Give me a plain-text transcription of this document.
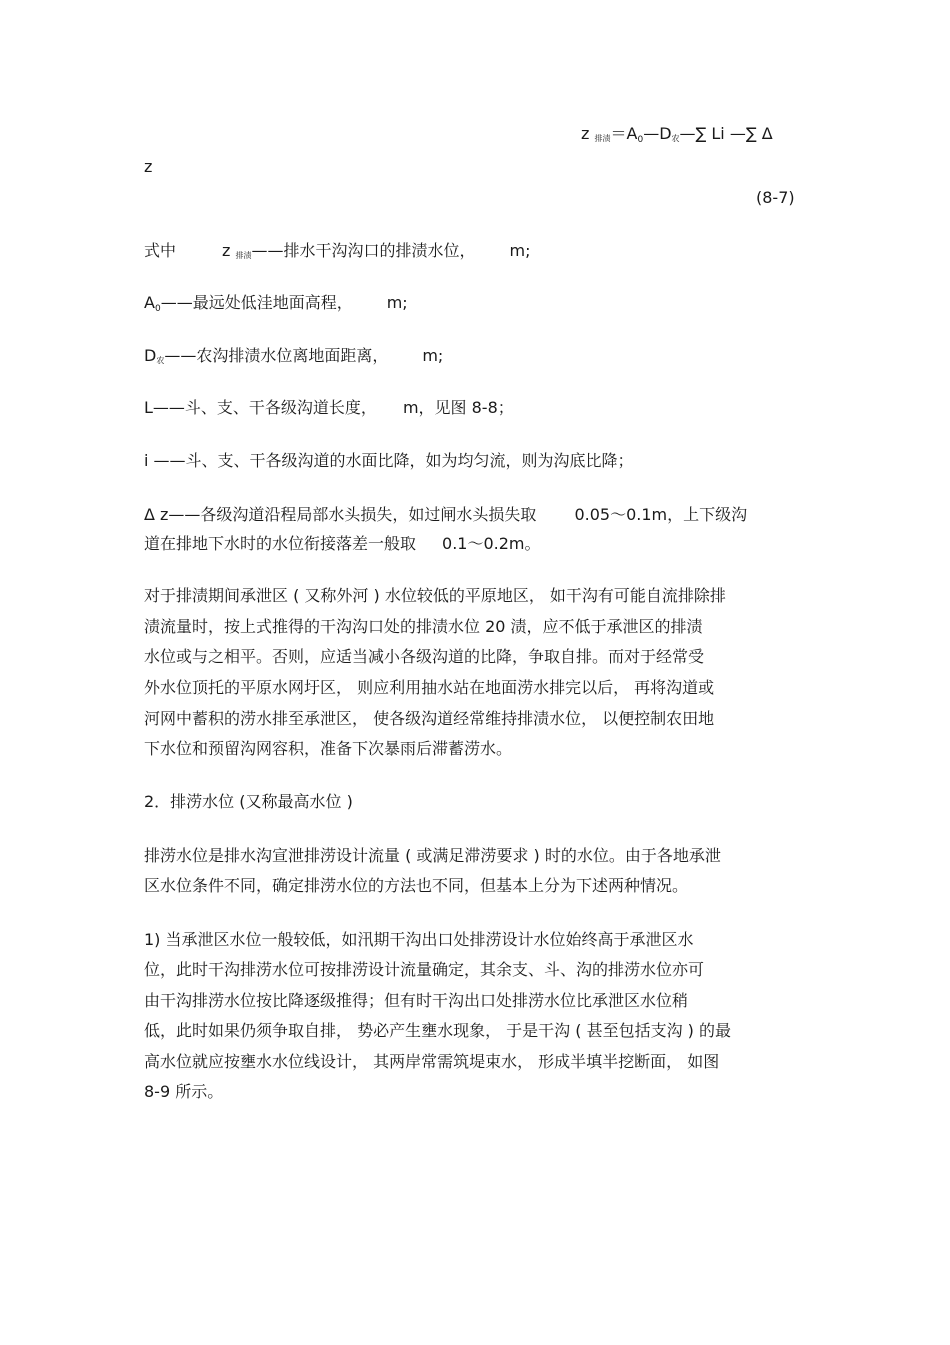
z $_{排渍}=A0—D_农—\sum$ Li —∑ Δ
z
(8-7)
式中	z $_{排渍}$——排水干沟沟口的排渍水位， m;
A0——最远处低洼地面高程， m;
$D_农——$农沟排渍水位离地面距离， m;
L——斗、支、干各级沟道长度， m，见图 8-8；
i ——斗、支、干各级沟道的水面比降，如为均匀流，则为沟底比降；
Δ z——各级沟道沿程局部水头损失，如过闸水头损失取 0.05～0.1m，上下级沟
道在排地下水时的水位衔接落差一般取 0.1～0.2m。
对于排渍期间承泄区 ( 又称外河 ) 水位较低的平原地区， 如干沟有可能自流排除排
渍流量时，按上式推得的干沟沟口处的排渍水位 20 渍，应不低于承泄区的排渍
水位或与之相平。否则，应适当减小各级沟道的比降，争取自排。而对于经常受
外水位顶托的平原水网圩区， 则应利用抽水站在地面涝水排完以后， 再将沟道或
河网中蓄积的涝水排至承泄区， 使各级沟道经常维持排渍水位， 以便控制农田地
下水位和预留沟网容积，准备下次暴雨后滞蓄涝水。
2．排涝水位 (又称最高水位 )
排涝水位是排水沟宣泄排涝设计流量 ( 或满足滞涝要求 ) 时的水位。由于各地承泄
区水位条件不同，确定排涝水位的方法也不同，但基本上分为下述两种情况。
1) 当承泄区水位一般较低，如汛期干沟出口处排涝设计水位始终高于承泄区水
位，此时干沟排涝水位可按排涝设计流量确定，其余支、斗、沟的排涝水位亦可
由干沟排涝水位按比降逐级推得；但有时干沟出口处排涝水位比承泄区水位稍
低，此时如果仍须争取自排， 势必产生壅水现象， 于是干沟 ( 甚至包括支沟 ) 的最
高水位就应按壅水水位线设计， 其两岸常需筑堤束水， 形成半填半挖断面， 如图
8-9 所示。
